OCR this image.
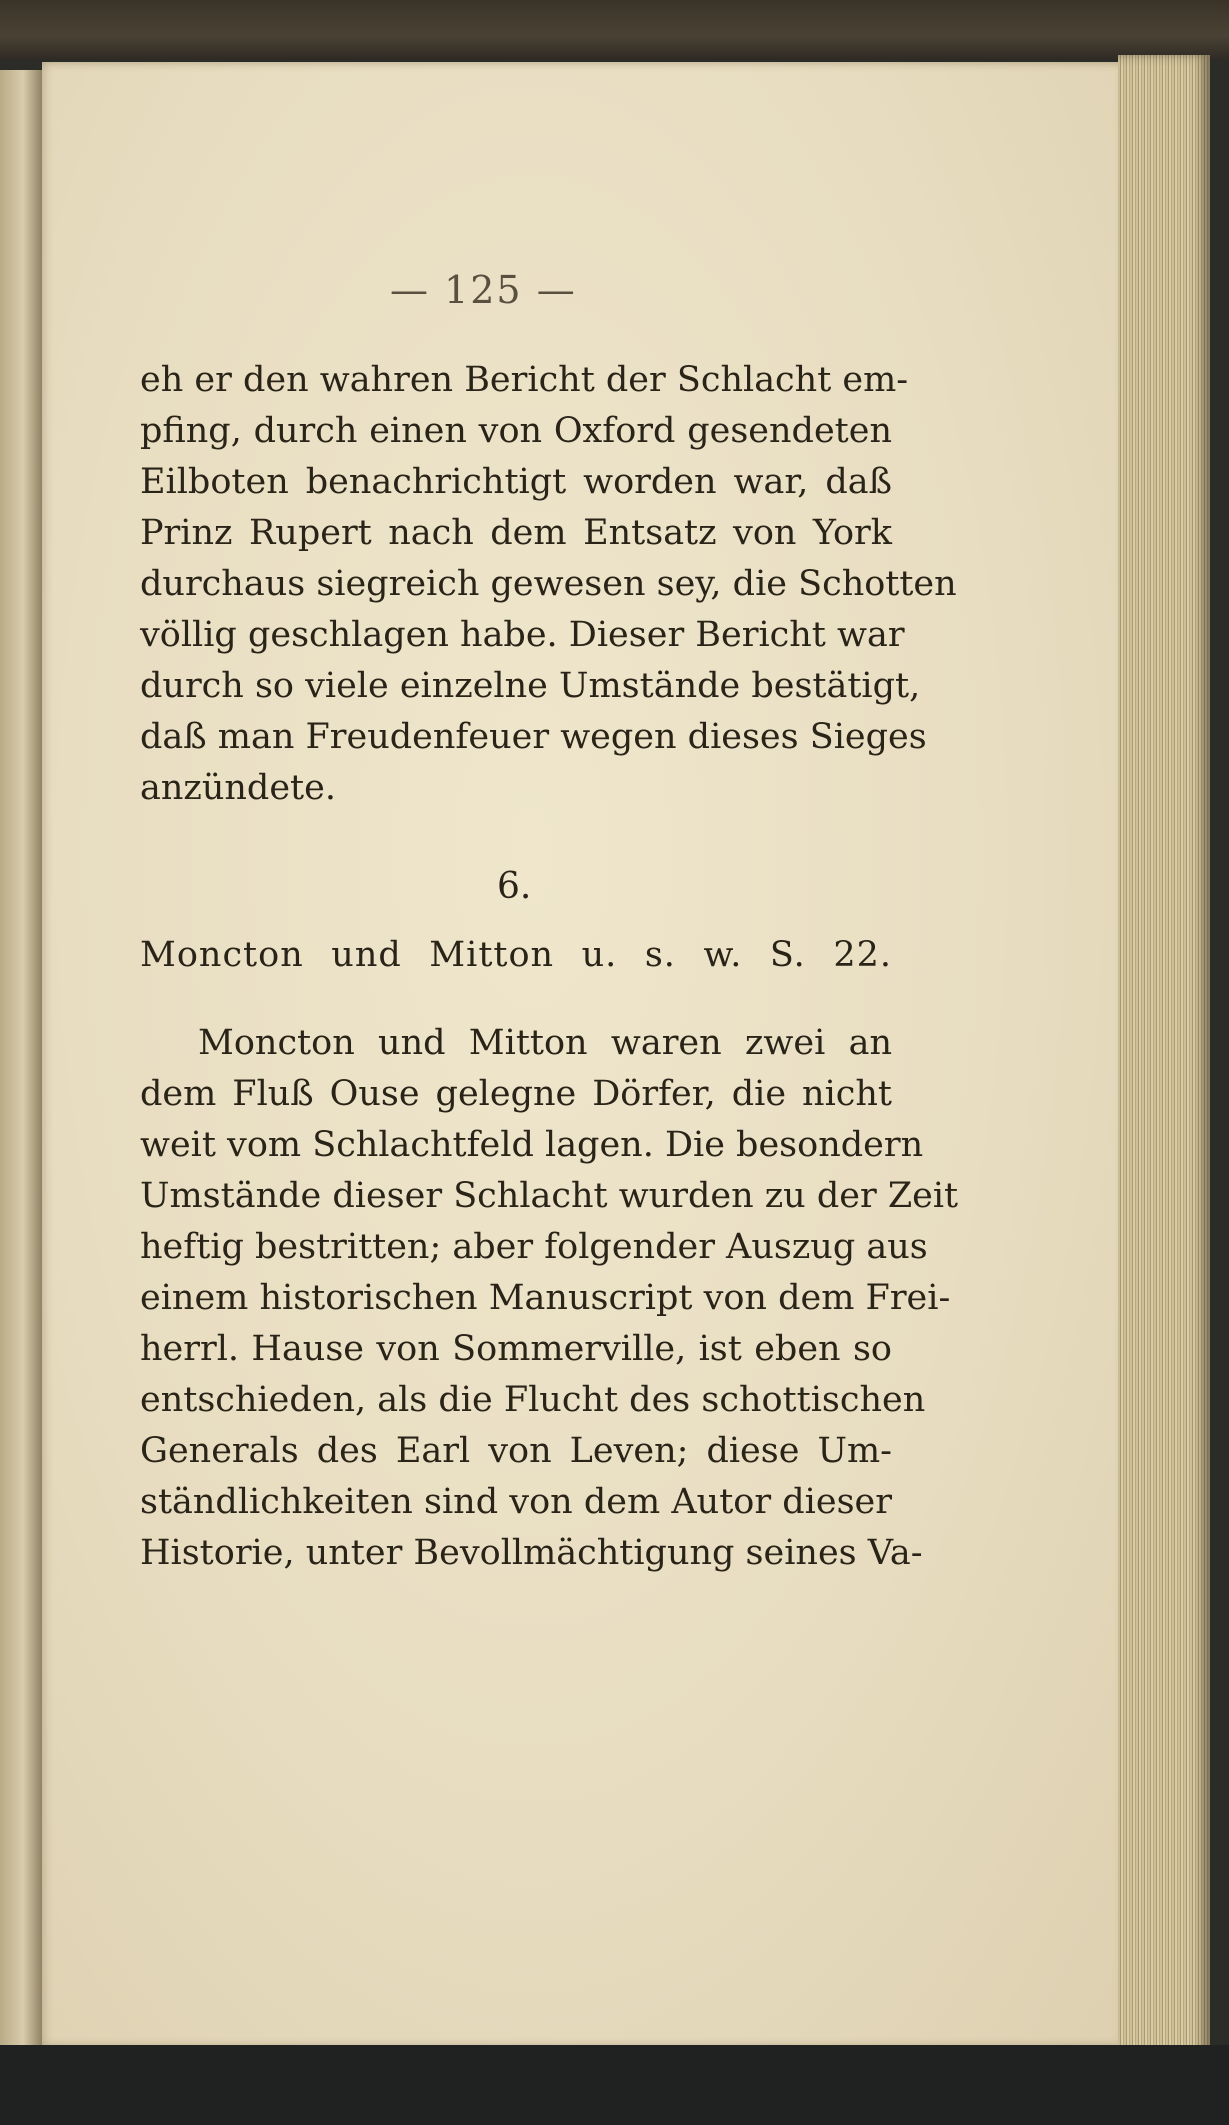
— 125 —
eh er den wahren Bericht der Schlacht em-
pfing, durch einen von Oxford gesendeten
Eilboten benachrichtigt worden war, daß
Prinz Rupert nach dem Entsatz von York
durchaus siegreich gewesen sey, die Schotten
völlig geschlagen habe. Dieser Bericht war
durch so viele einzelne Umstände bestätigt,
daß man Freudenfeuer wegen dieses Sieges
anzündete.
6.
Moncton und Mitton u. s. w. S. 22.
Moncton und Mitton waren zwei an
dem Fluß Ouse gelegne Dörfer, die nicht
weit vom Schlachtfeld lagen. Die besondern
Umstände dieser Schlacht wurden zu der Zeit
heftig bestritten; aber folgender Auszug aus
einem historischen Manuscript von dem Frei-
herrl. Hause von Sommerville, ist eben so
entschieden, als die Flucht des schottischen
Generals des Earl von Leven; diese Um-
ständlichkeiten sind von dem Autor dieser
Historie, unter Bevollmächtigung seines Va-
